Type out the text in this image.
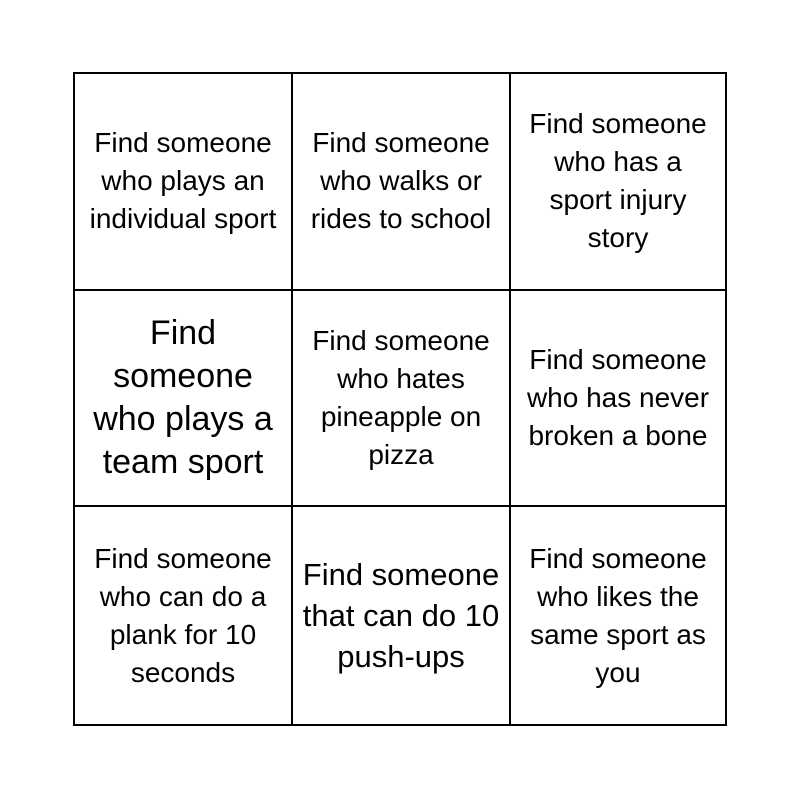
Find someone who plays an individual sport
Find someone who walks or rides to school
Find someone who has a sport injury story
Find someone who plays a team sport
Find someone who hates pineapple on pizza
Find someone who has never broken a bone
Find someone who can do a plank for 10 seconds
Find someone that can do 10 push-ups
Find someone who likes the same sport as you
